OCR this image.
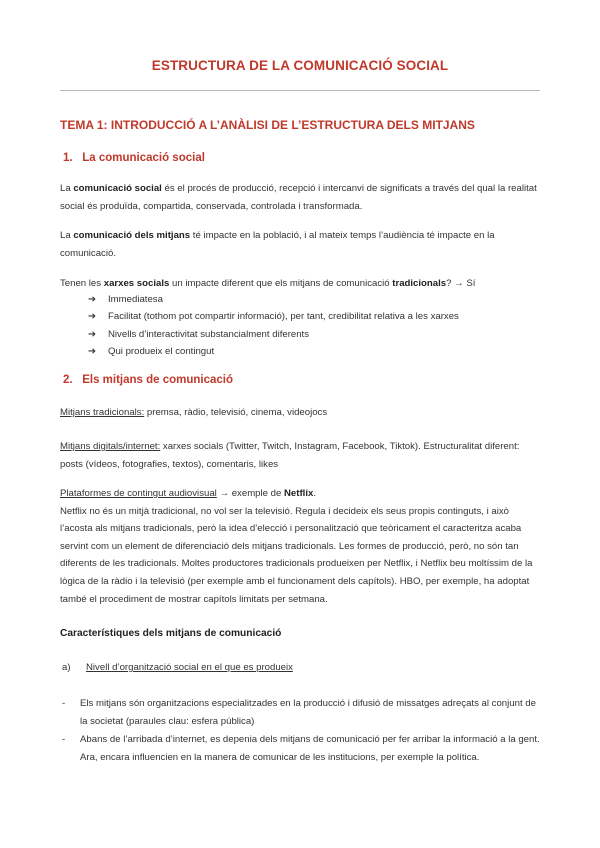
ESTRUCTURA DE LA COMUNICACIÓ SOCIAL
TEMA 1: INTRODUCCIÓ A L’ANÀLISI DE L’ESTRUCTURA DELS MITJANS
1. La comunicació social
La comunicació social és el procés de producció, recepció i intercanvi de significats a través del qual la realitat social és produïda, compartida, conservada, controlada i transformada.
La comunicació dels mitjans té impacte en la població, i al mateix temps l’audiència té impacte en la comunicació.
Tenen les xarxes socials un impacte diferent que els mitjans de comunicació tradicionals? → Sí
➔ Immediatesa
➔ Facilitat (tothom pot compartir informació), per tant, credibilitat relativa a les xarxes
➔ Nivells d’interactivitat substancialment diferents
➔ Qui produeix el contingut
2. Els mitjans de comunicació
Mitjans tradicionals: premsa, ràdio, televisió, cinema, videojocs
Mitjans digitals/internet: xarxes socials (Twitter, Twitch, Instagram, Facebook, Tiktok). Estructuralitat diferent: posts (vídeos, fotografies, textos), comentaris, likes
Plataformes de contingut audiovisual → exemple de Netflix.
Netflix no és un mitjà tradicional, no vol ser la televisió. Regula i decideix els seus propis continguts, i això l’acosta als mitjans tradicionals, però la idea d’elecció i personalització que teòricament el caracteritza acaba servint com un element de diferenciació dels mitjans tradicionals. Les formes de producció, però, no són tan diferents de les tradicionals. Moltes productores tradicionals produeixen per Netflix, i Netflix beu moltíssim de la lògica de la ràdio i la televisió (per exemple amb el funcionament dels capítols). HBO, per exemple, ha adoptat també el procediment de mostrar capítols limitats per setmana.
Característiques dels mitjans de comunicació
a) Nivell d’organització social en el que es produeix
-	Els mitjans són organitzacions especialitzades en la producció i difusió de missatges adreçats al conjunt de la societat (paraules clau: esfera pública)
-	Abans de l’arribada d’internet, es depenia dels mitjans de comunicació per fer arribar la informació a la gent. Ara, encara influencien en la manera de comunicar de les institucions, per exemple la política.
